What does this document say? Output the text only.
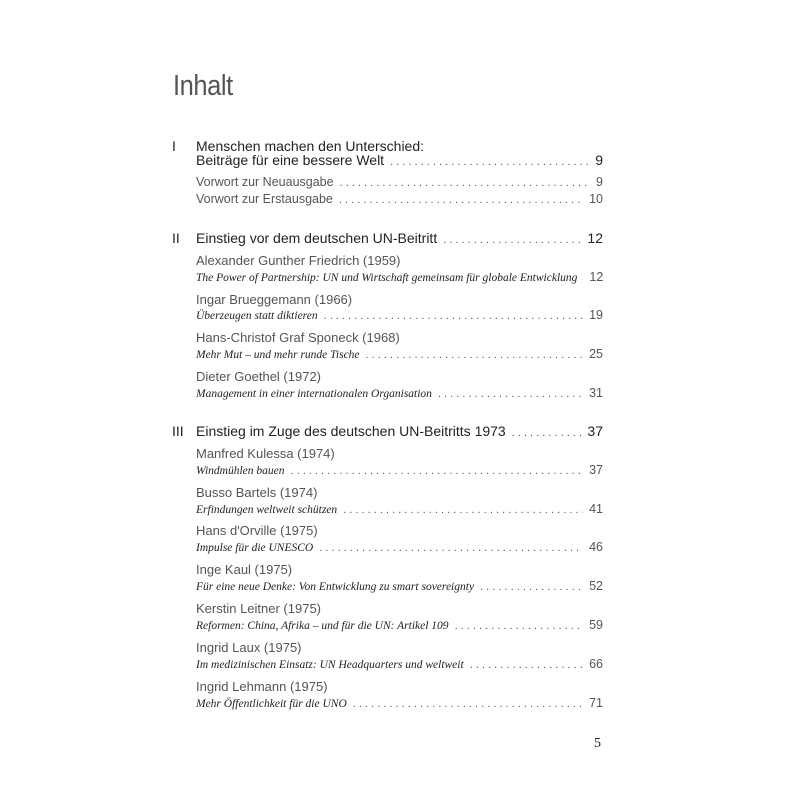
Inhalt
I Menschen machen den Unterschied:
Beiträge für eine bessere Welt . . .	9
Vorwort zur Neuausgabe . . .	9
Vorwort zur Erstausgabe . . .	10
II Einstieg vor dem deutschen UN-Beitritt . . .	12
Alexander Gunther Friedrich (1959)
The Power of Partnership: UN und Wirtschaft gemeinsam für globale Entwicklung 12
Ingar Brueggemann (1966)
Überzeugen statt diktieren . . .	19
Hans-Christof Graf Sponeck (1968)
Mehr Mut – und mehr runde Tische . . .	25
Dieter Goethel (1972)
Management in einer internationalen Organisation . . .	31
III Einstieg im Zuge des deutschen UN-Beitritts 1973 . . .	37
Manfred Kulessa (1974)
Windmühlen bauen . . .	37
Busso Bartels (1974)
Erfindungen weltweit schützen . . .	41
Hans d'Orville (1975)
Impulse für die UNESCO . . .	46
Inge Kaul (1975)
Für eine neue Denke: Von Entwicklung zu smart sovereignty . . .	52
Kerstin Leitner (1975)
Reformen: China, Afrika – und für die UN: Artikel 109 . . .	59
Ingrid Laux (1975)
Im medizinischen Einsatz: UN Headquarters und weltweit . . .	66
Ingrid Lehmann (1975)
Mehr Öffentlichkeit für die UNO . . .	71
5
